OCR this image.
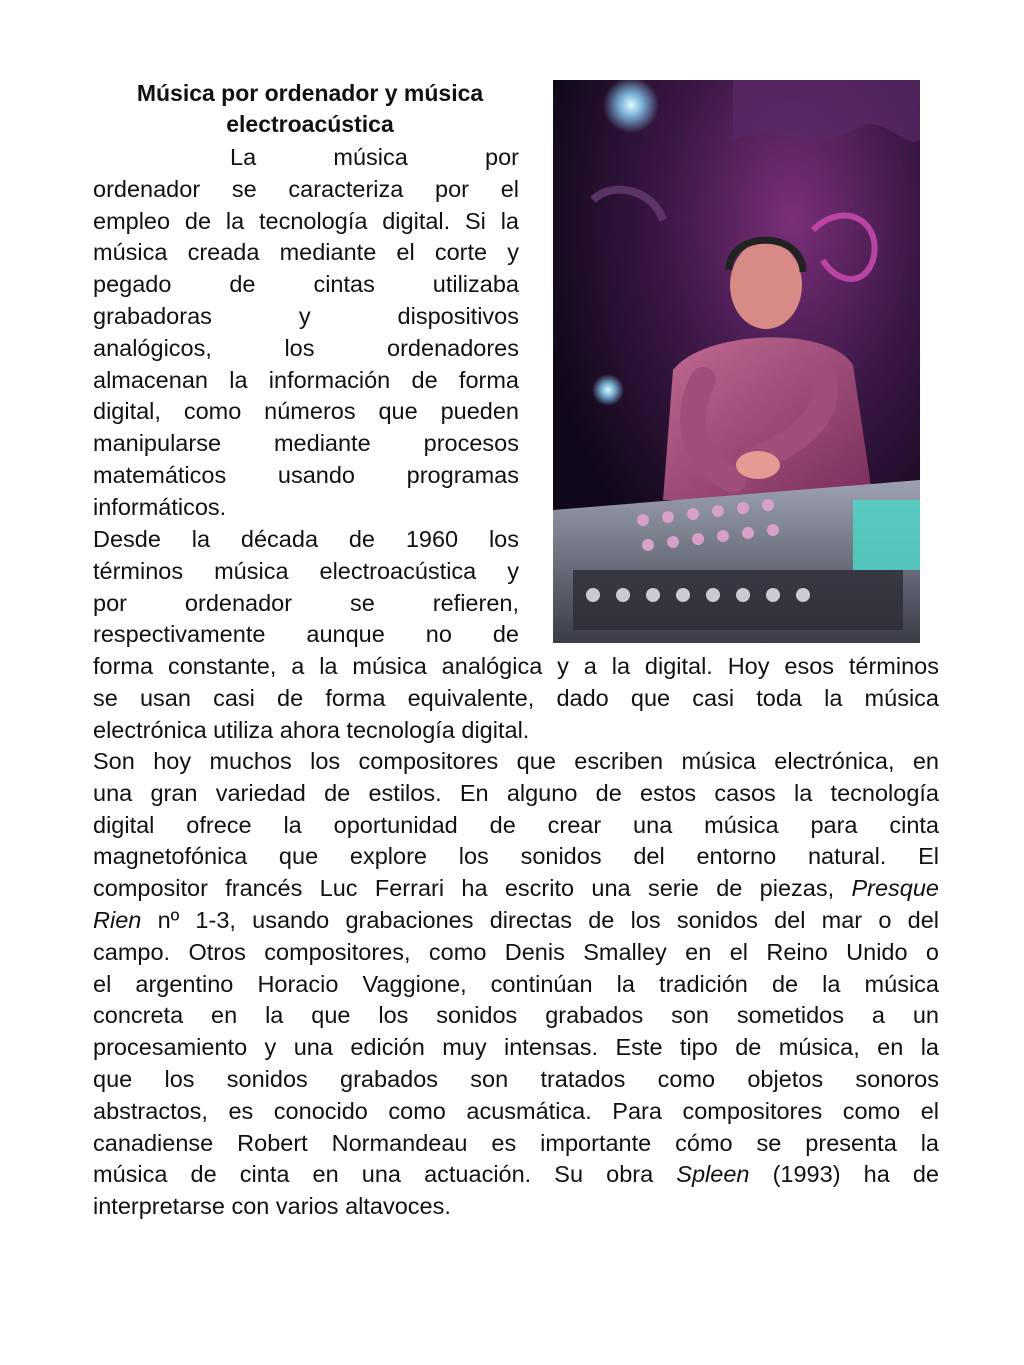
Música por ordenador y música
electroacústica
La música por
ordenador se caracteriza por el
empleo de la tecnología digital. Si la
música creada mediante el corte y
pegado de cintas utilizaba
grabadoras y dispositivos
analógicos, los ordenadores
almacenan la información de forma
digital, como números que pueden
manipularse mediante procesos
matemáticos usando programas
informáticos.
Desde la década de 1960 los
términos música electroacústica y
por ordenador se refieren,
respectivamente aunque no de
forma constante, a la música analógica y a la digital. Hoy esos términos
se usan casi de forma equivalente, dado que casi toda la música
electrónica utiliza ahora tecnología digital.
Son hoy muchos los compositores que escriben música electrónica, en
una gran variedad de estilos. En alguno de estos casos la tecnología
digital ofrece la oportunidad de crear una música para cinta
magnetofónica que explore los sonidos del entorno natural. El
compositor francés Luc Ferrari ha escrito una serie de piezas, Presque
Rien nº 1-3, usando grabaciones directas de los sonidos del mar o del
campo. Otros compositores, como Denis Smalley en el Reino Unido o
el argentino Horacio Vaggione, continúan la tradición de la música
concreta en la que los sonidos grabados son sometidos a un
procesamiento y una edición muy intensas. Este tipo de música, en la
que los sonidos grabados son tratados como objetos sonoros
abstractos, es conocido como acusmática. Para compositores como el
canadiense Robert Normandeau es importante cómo se presenta la
música de cinta en una actuación. Su obra Spleen (1993) ha de
interpretarse con varios altavoces.
